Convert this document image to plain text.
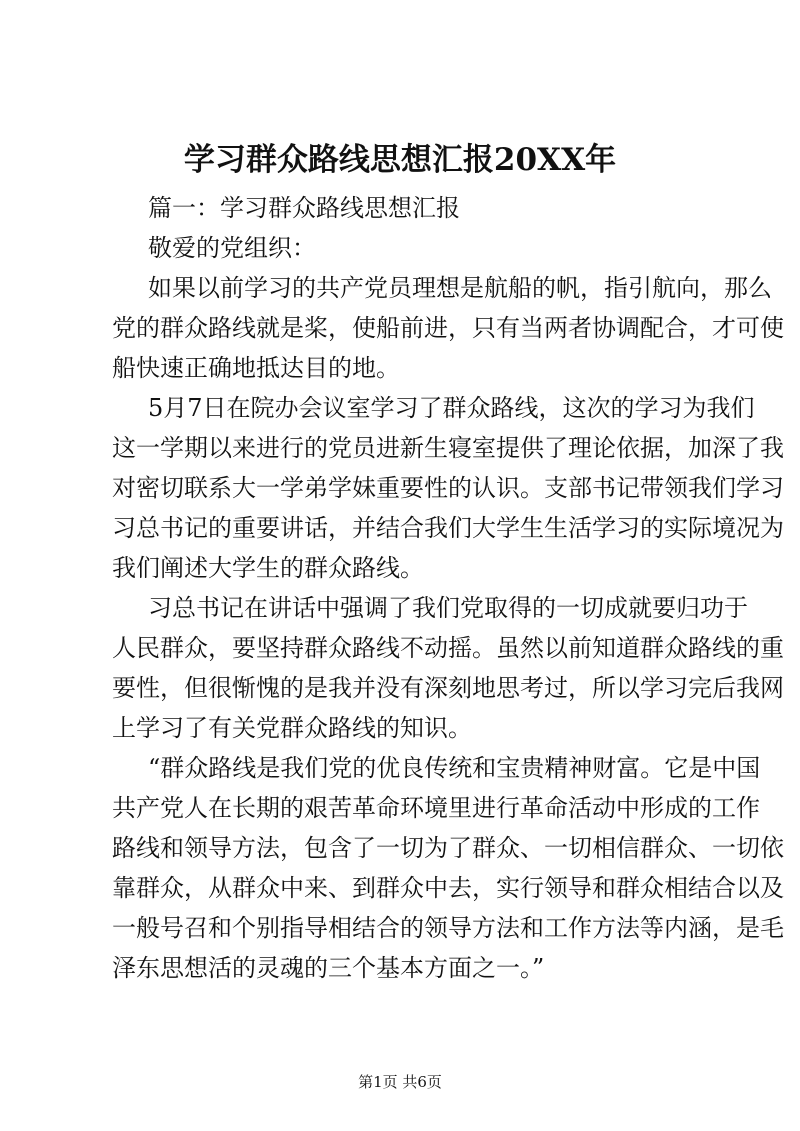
学习群众路线思想汇报20XX年
篇一：学习群众路线思想汇报
敬爱的党组织：
如果以前学习的共产党员理想是航船的帆，指引航向，那么
党的群众路线就是桨，使船前进，只有当两者协调配合，才可使
船快速正确地抵达目的地。
5月7日在院办会议室学习了群众路线，这次的学习为我们
这一学期以来进行的党员进新生寝室提供了理论依据，加深了我
对密切联系大一学弟学妹重要性的认识。支部书记带领我们学习
习总书记的重要讲话，并结合我们大学生生活学习的实际境况为
我们阐述大学生的群众路线。
习总书记在讲话中强调了我们党取得的一切成就要归功于
人民群众，要坚持群众路线不动摇。虽然以前知道群众路线的重
要性，但很惭愧的是我并没有深刻地思考过，所以学习完后我网
上学习了有关党群众路线的知识。
“群众路线是我们党的优良传统和宝贵精神财富。它是中国
共产党人在长期的艰苦革命环境里进行革命活动中形成的工作
路线和领导方法，包含了一切为了群众、一切相信群众、一切依
靠群众，从群众中来、到群众中去，实行领导和群众相结合以及
一般号召和个别指导相结合的领导方法和工作方法等内涵，是毛
泽东思想活的灵魂的三个基本方面之一。”
第1页 共6页
